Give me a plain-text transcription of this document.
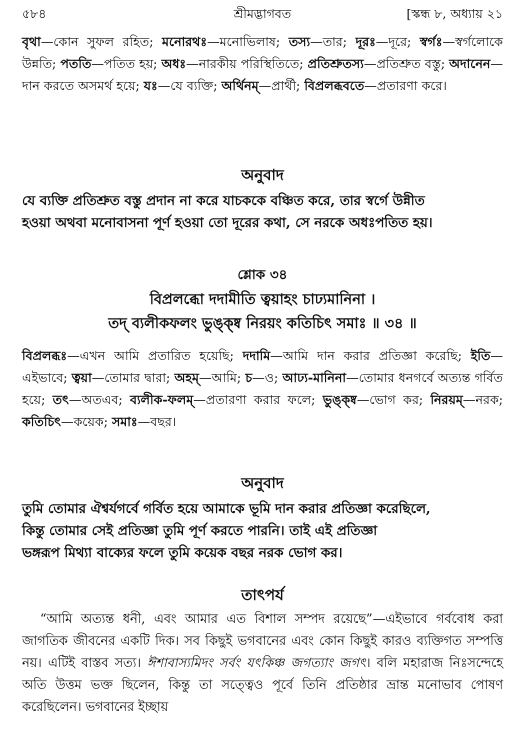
৫৮৪	শ্রীমদ্ভাগবত	[স্কন্ধ ৮, অধ্যায় ২১
বৃথা—কোন সুফল রহিত; মনোরথঃ—মনোভিলাষ; তস্য—তার; দূরঃ—দূরে; স্বর্গঃ—স্বর্গলোকে উন্নতি; পততি—পতিত হয়; অধঃ—নারকীয় পরিস্থিতিতে; প্রতিশ্রুতস্য—প্রতিশ্রুত বস্তু; অদানেন—দান করতে অসমর্থ হয়ে; যঃ—যে ব্যক্তি; অর্থিনম্—প্রার্থী; বিপ্রলব্ধবতে—প্রতারণা করে।
অনুবাদ
যে ব্যক্তি প্রতিশ্রুত বস্তু প্রদান না করে যাচককে বঞ্চিত করে, তার স্বর্গে উন্নীত
হওয়া অথবা মনোবাসনা পূর্ণ হওয়া তো দূরের কথা, সে নরকে অধঃপতিত হয়।
শ্লোক ৩৪
বিপ্রলব্ধো দদামীতি ত্বয়াহং চাঢ্যমানিনা ।
তদ্ ব্যলীকফলং ভুঙ্ক্ষ্ব নিরয়ং কতিচিৎ সমাঃ ॥ ৩৪ ॥
বিপ্রলব্ধঃ—এখন আমি প্রতারিত হয়েছি; দদামি—আমি দান করার প্রতিজ্ঞা করেছি; ইতি—এইভাবে; ত্বয়া—তোমার দ্বারা; অহম্—আমি; চ—ও; আঢ্য-মানিনা—তোমার ধনগর্বে অত্যন্ত গর্বিত হয়ে; তৎ—অতএব; ব্যলীক-ফলম্—প্রতারণা করার ফলে; ভুঙ্ক্ষ্ব—ভোগ কর; নিরয়ম্—নরক; কতিচিৎ—কয়েক; সমাঃ—বছর।
অনুবাদ
তুমি তোমার ঐশ্বর্যগর্বে গর্বিত হয়ে আমাকে ভূমি দান করার প্রতিজ্ঞা করেছিলে,
কিন্তু তোমার সেই প্রতিজ্ঞা তুমি পূর্ণ করতে পারনি। তাই এই প্রতিজ্ঞা
ভঙ্গরূপ মিথ্যা বাক্যের ফলে তুমি কয়েক বছর নরক ভোগ কর।
তাৎপর্য
“আমি অত্যন্ত ধনী, এবং আমার এত বিশাল সম্পদ রয়েছে”—এইভাবে গর্ববোধ করা জাগতিক জীবনের একটি দিক। সব কিছুই ভগবানের এবং কোন কিছুই কারও ব্যক্তিগত সম্পত্তি নয়। এটিই বাস্তব সত্য। ঈশাবাস্যমিদং সর্বং যৎকিঞ্চ জগত্যাং জগৎ। বলি মহারাজ নিঃসন্দেহে অতি উত্তম ভক্ত ছিলেন, কিন্তু তা সত্ত্বেও পূর্বে তিনি প্রতিষ্ঠার ভ্রান্ত মনোভাব পোষণ করেছিলেন। ভগবানের ইচ্ছায়
